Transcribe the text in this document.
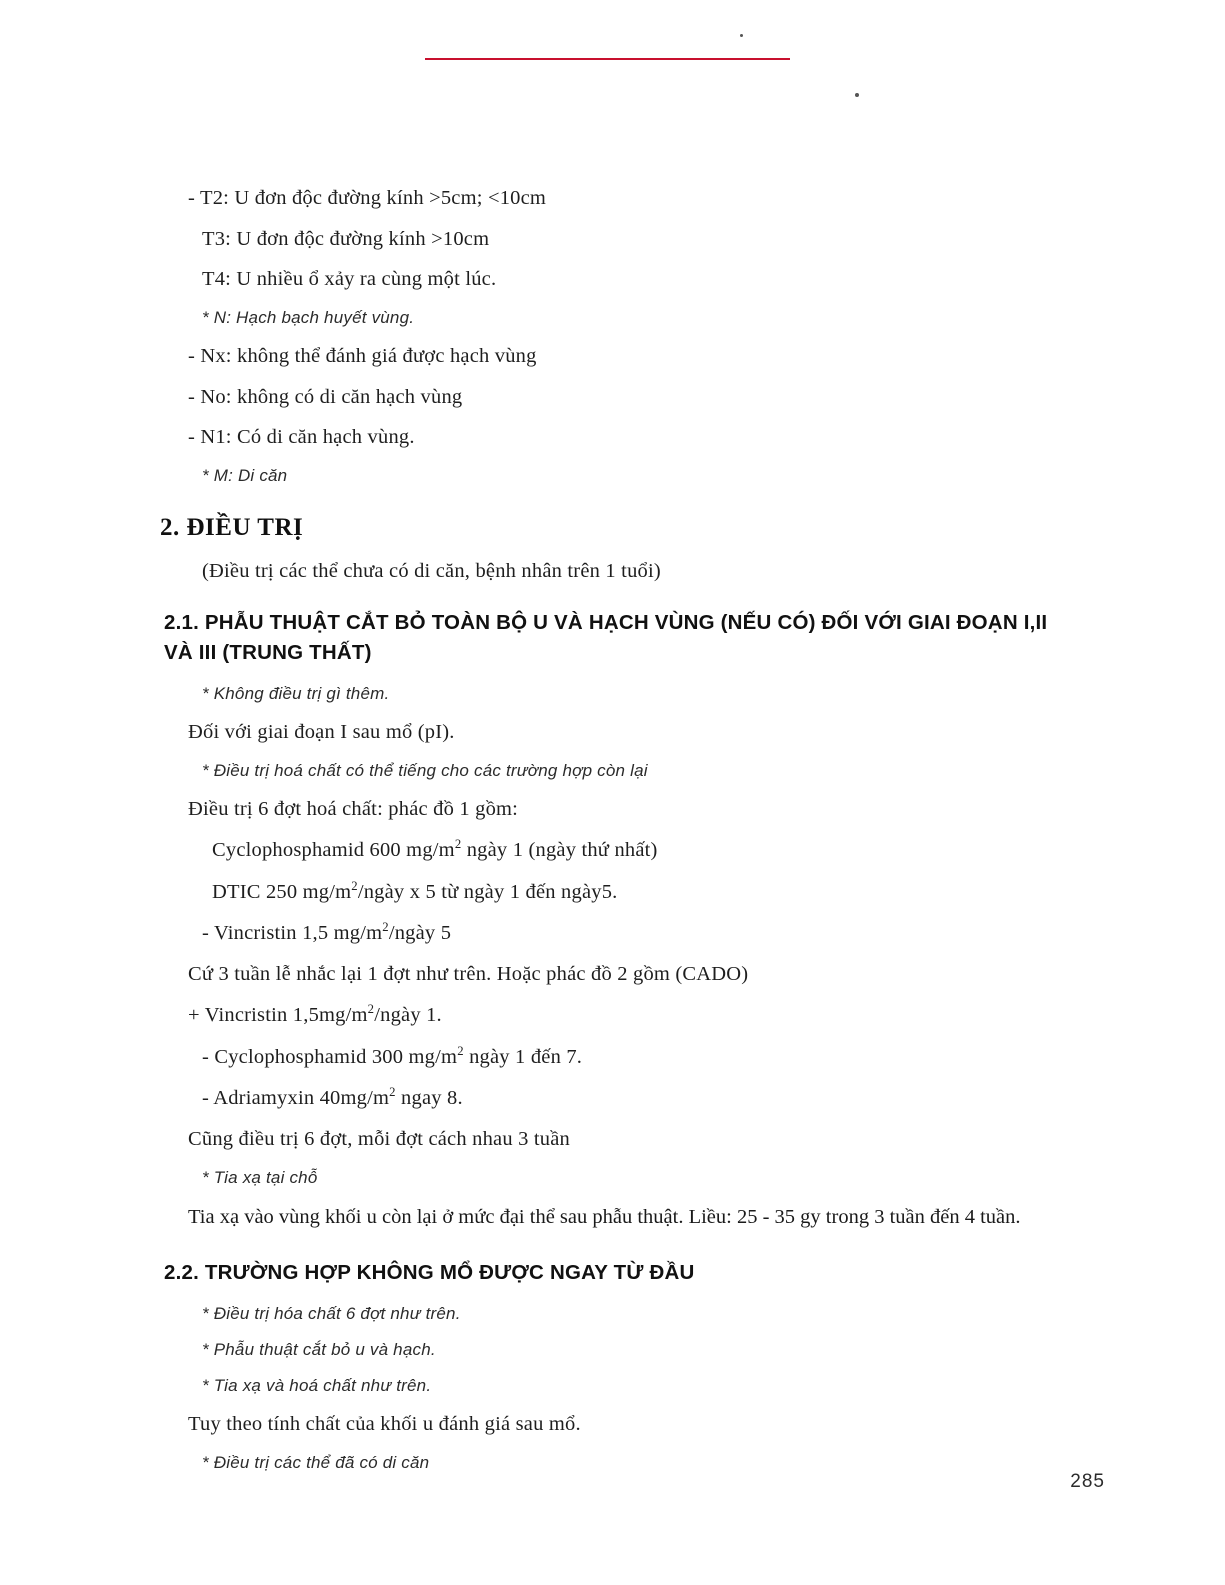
- T2: U đơn độc đường kính >5cm; <10cm

T3: U đơn độc đường kính >10cm

T4: U nhiều ổ xảy ra cùng một lúc.

* N: Hạch bạch huyết vùng.

- Nx: không thể đánh giá được hạch vùng

- No: không có di căn hạch vùng

- N1: Có di căn hạch vùng.

* M: Di căn

2. ĐIỀU TRỊ

(Điều trị các thể chưa có di căn, bệnh nhân trên 1 tuổi)

2.1. PHẪU THUẬT CẮT BỎ TOÀN BỘ U VÀ HẠCH VÙNG (NẾU CÓ) ĐỐI VỚI GIAI ĐOẠN I,II VÀ III (TRUNG THẤT)

* Không điều trị gì thêm.

Đối với giai đoạn I sau mổ (pI).

* Điều trị hoá chất có thể tiếng cho các trường hợp còn lại

Điều trị 6 đợt hoá chất: phác đồ 1 gồm:

Cyclophosphamid 600 $mg/m^2$ ngày 1 (ngày thứ nhất)

DTIC 250 $mg/m^2$/ngày x 5 từ ngày 1 đến ngày5.

- Vincristin 1,5 $mg/m^2$/ngày 5

Cứ 3 tuần lễ nhắc lại 1 đợt như trên. Hoặc phác đồ 2 gồm (CADO)

+ Vincristin $1,5mg/m^2$/ngày 1.

- Cyclophosphamid 300 $mg/m^2$ ngày 1 đến 7.

- Adriamyxin $40mg/m^2$ ngay 8.

Cũng điều trị 6 đợt, mỗi đợt cách nhau 3 tuần

* Tia xạ tại chỗ

Tia xạ vào vùng khối u còn lại ở mức đại thể sau phẫu thuật. Liều: 25 - 35 gy trong 3 tuần đến 4 tuần.

2.2. TRƯỜNG HỢP KHÔNG MỔ ĐƯỢC NGAY TỪ ĐẦU

* Điều trị hóa chất 6 đợt như trên.

* Phẫu thuật cắt bỏ u và hạch.

* Tia xạ và hoá chất như trên.

Tuy theo tính chất của khối u đánh giá sau mổ.

* Điều trị các thể đã có di căn

285
